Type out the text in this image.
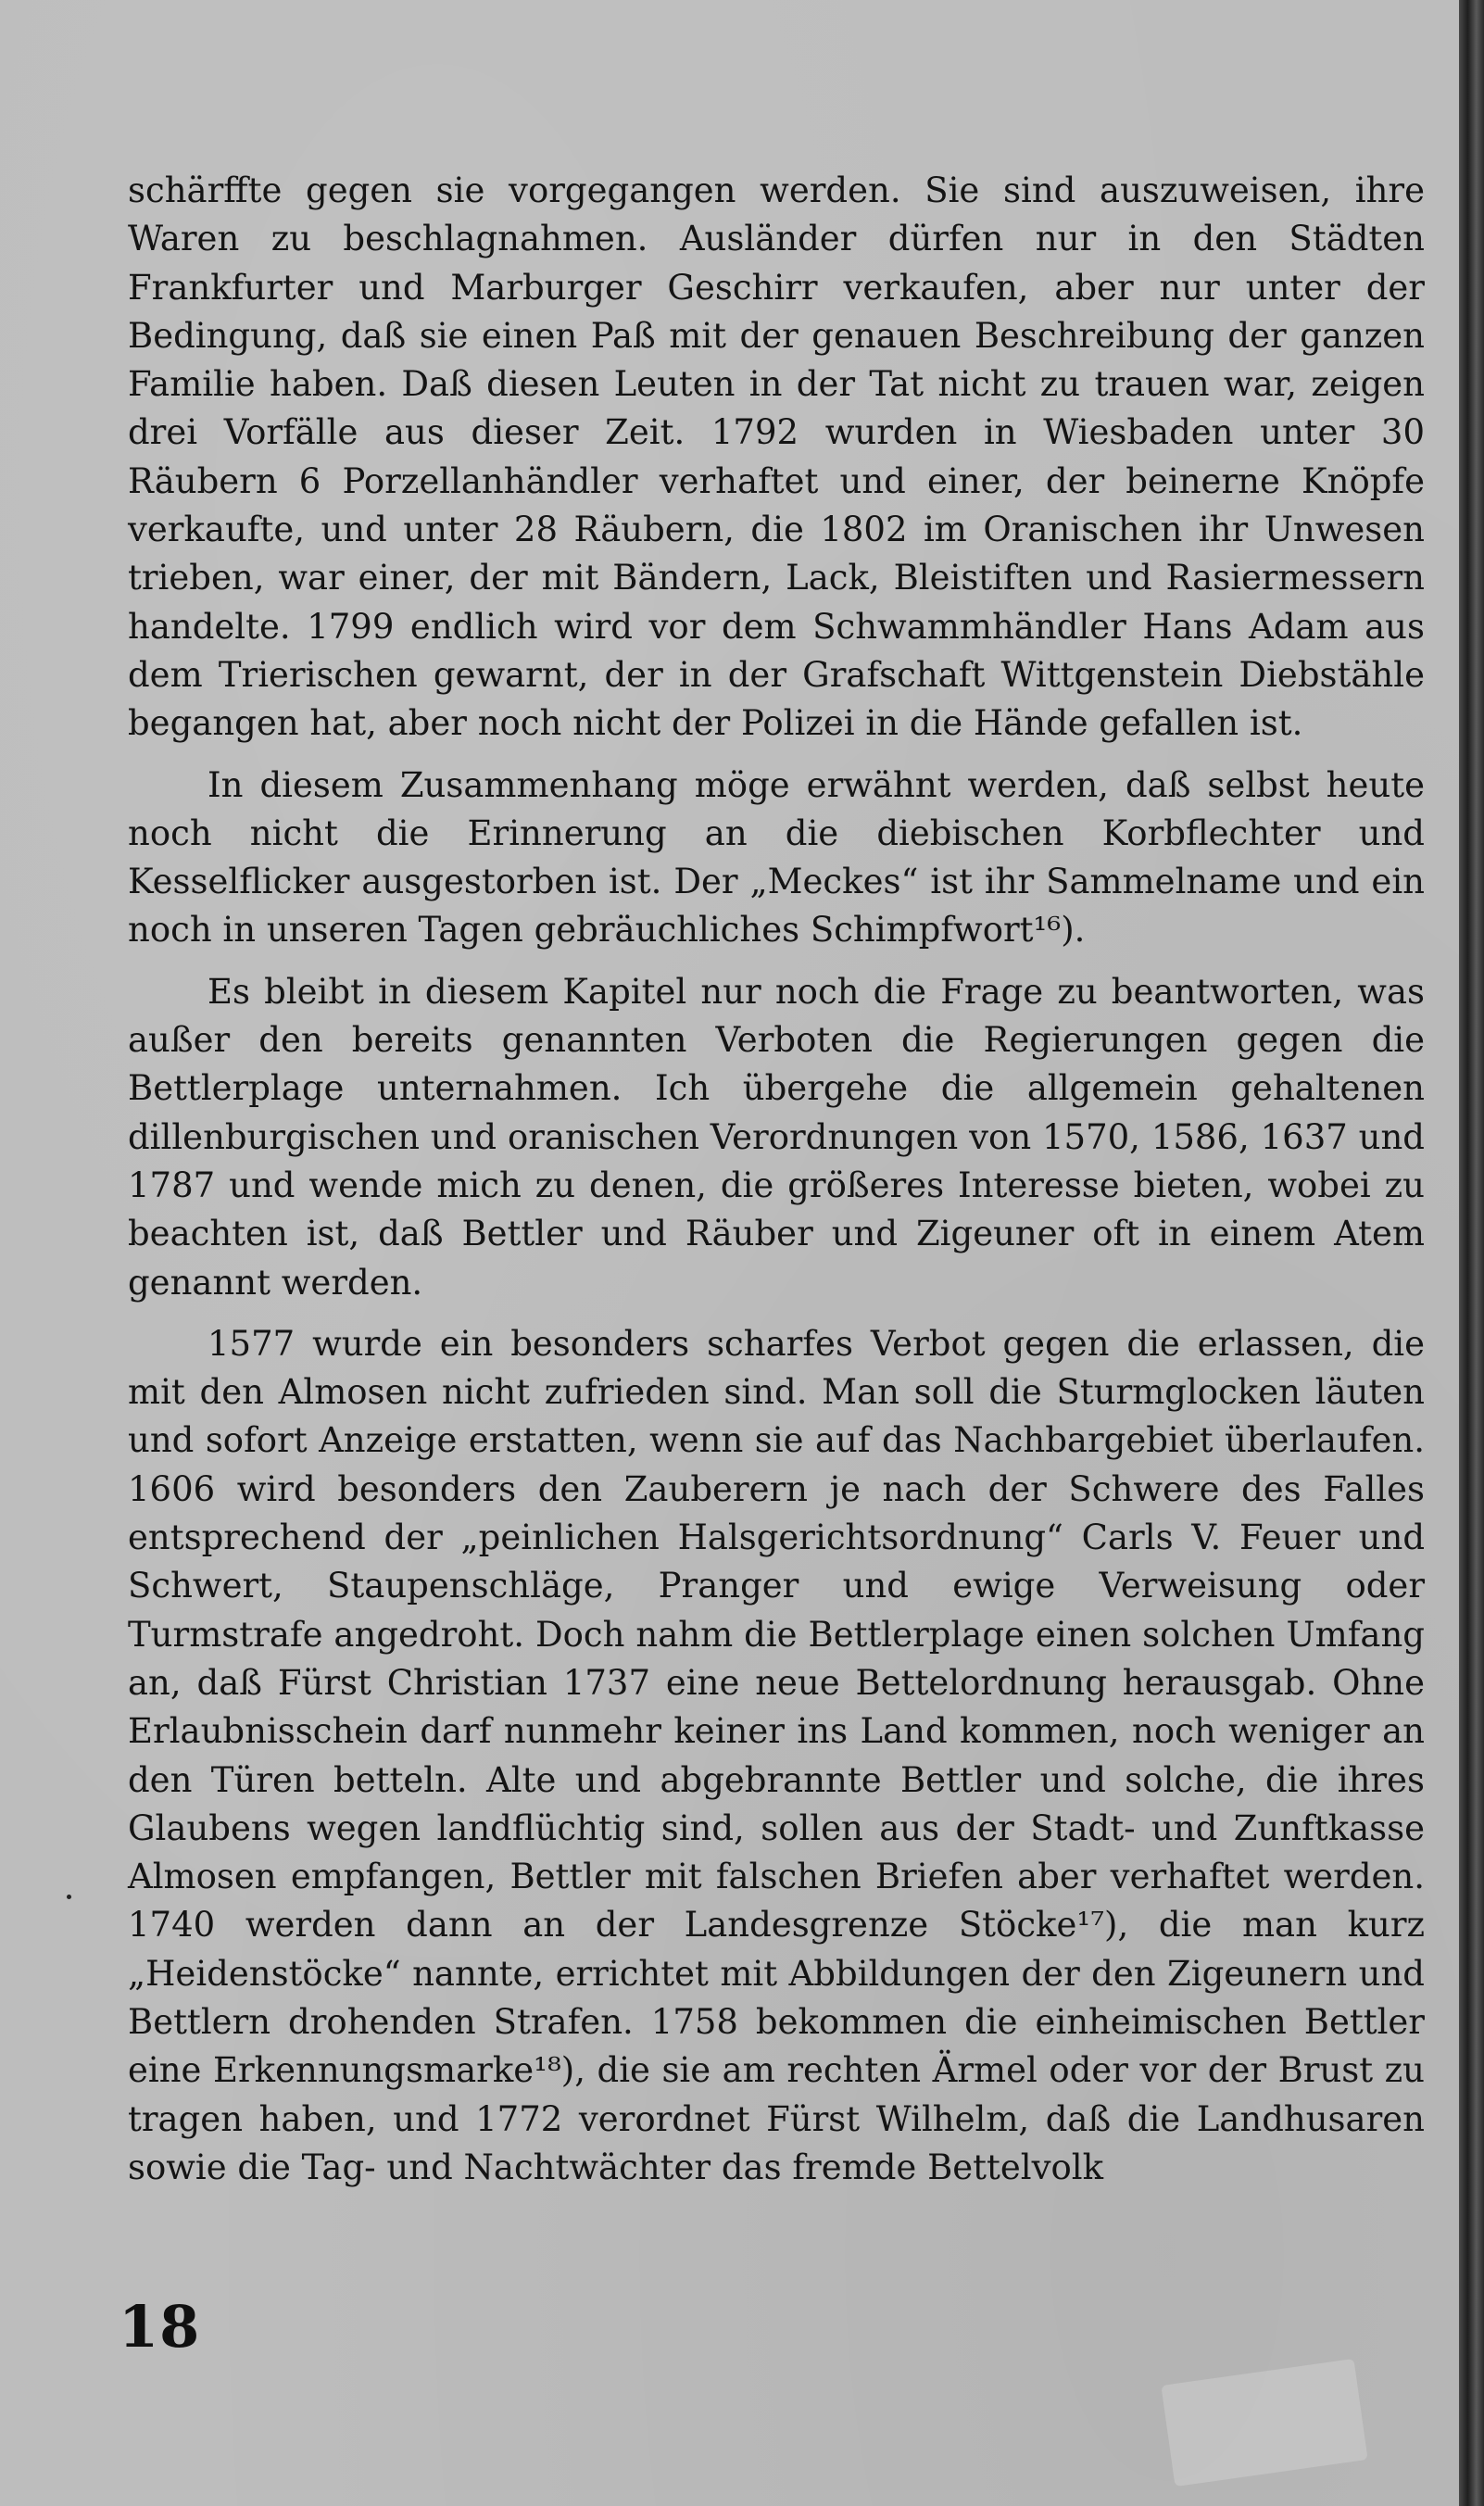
schärffte gegen sie vorgegangen werden. Sie sind auszuweisen, ihre Waren zu beschlagnahmen. Ausländer dürfen nur in den Städten Frankfurter und Marburger Geschirr verkaufen, aber nur unter der Bedingung, daß sie einen Paß mit der genauen Beschreibung der ganzen Familie haben. Daß diesen Leuten in der Tat nicht zu trauen war, zeigen drei Vorfälle aus dieser Zeit. 1792 wurden in Wiesbaden unter 30 Räubern 6 Porzellanhändler verhaftet und einer, der beinerne Knöpfe verkaufte, und unter 28 Räubern, die 1802 im Oranischen ihr Unwesen trieben, war einer, der mit Bändern, Lack, Bleistiften und Rasiermessern handelte. 1799 endlich wird vor dem Schwammhändler Hans Adam aus dem Trierischen gewarnt, der in der Grafschaft Wittgenstein Diebstähle begangen hat, aber noch nicht der Polizei in die Hände gefallen ist.

In diesem Zusammenhang möge erwähnt werden, daß selbst heute noch nicht die Erinnerung an die diebischen Korbflechter und Kesselflicker ausgestorben ist. Der „Meckes“ ist ihr Sammelname und ein noch in unseren Tagen gebräuchliches Schimpfwort¹⁶).

Es bleibt in diesem Kapitel nur noch die Frage zu beantworten, was außer den bereits genannten Verboten die Regierungen gegen die Bettlerplage unternahmen. Ich übergehe die allgemein gehaltenen dillenburgischen und oranischen Verordnungen von 1570, 1586, 1637 und 1787 und wende mich zu denen, die größeres Interesse bieten, wobei zu beachten ist, daß Bettler und Räuber und Zigeuner oft in einem Atem genannt werden.

1577 wurde ein besonders scharfes Verbot gegen die erlassen, die mit den Almosen nicht zufrieden sind. Man soll die Sturmglocken läuten und sofort Anzeige erstatten, wenn sie auf das Nachbargebiet überlaufen. 1606 wird besonders den Zauberern je nach der Schwere des Falles entsprechend der „peinlichen Halsgerichtsordnung“ Carls V. Feuer und Schwert, Staupenschläge, Pranger und ewige Verweisung oder Turmstrafe angedroht. Doch nahm die Bettlerplage einen solchen Umfang an, daß Fürst Christian 1737 eine neue Bettelordnung herausgab. Ohne Erlaubnisschein darf nunmehr keiner ins Land kommen, noch weniger an den Türen betteln. Alte und abgebrannte Bettler und solche, die ihres Glaubens wegen landflüchtig sind, sollen aus der Stadt- und Zunftkasse Almosen empfangen, Bettler mit falschen Briefen aber verhaftet werden. 1740 werden dann an der Landesgrenze Stöcke¹⁷), die man kurz „Heidenstöcke“ nannte, errichtet mit Abbildungen der den Zigeunern und Bettlern drohenden Strafen. 1758 bekommen die einheimischen Bettler eine Erkennungsmarke¹⁸), die sie am rechten Ärmel oder vor der Brust zu tragen haben, und 1772 verordnet Fürst Wilhelm, daß die Landhusaren sowie die Tag- und Nachtwächter das fremde Bettelvolk

18
